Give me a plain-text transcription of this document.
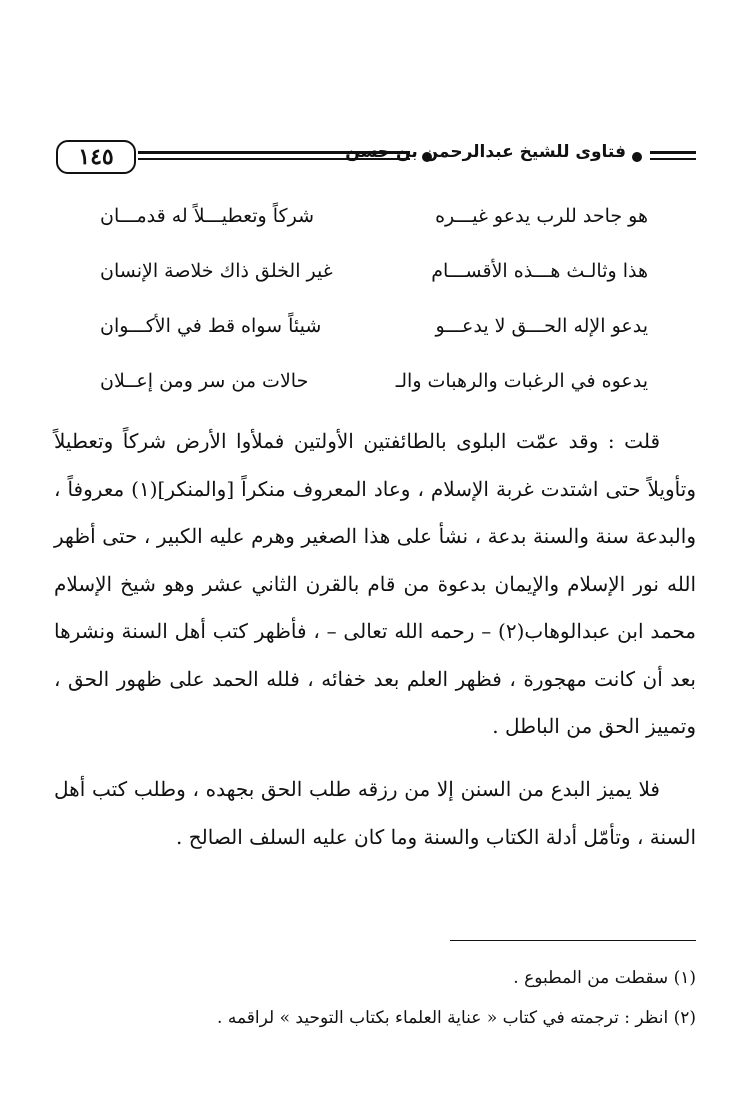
١٤٥	فتاوى للشيخ عبدالرحمن بن حسن
هو جاحد للرب يدعو غيـــره
شركاً وتعطيـــلاً له قدمـــان
هذا وثالـث هـــذه الأقســـام
غير الخلق ذاك خلاصة الإنسان
يدعو الإله الحـــق لا يدعـــو
شيئاً سواه قط في الأكـــوان
يدعوه في الرغبات والرهبات والـ
حالات من سر ومن إعــلان

قلت : وقد عمّت البلوى بالطائفتين الأولتين فملأوا الأرض شركاً وتعطيلاً وتأويلاً حتى اشتدت غربة الإسلام ، وعاد المعروف منكراً [والمنكر](١) معروفاً ، والبدعة سنة والسنة بدعة ، نشأ على هذا الصغير وهرم عليه الكبير ، حتى أظهر الله نور الإسلام والإيمان بدعوة من قام بالقرن الثاني عشر وهو شيخ الإسلام محمد ابن عبدالوهاب(٢) – رحمه الله تعالى – ، فأظهر كتب أهل السنة ونشرها بعد أن كانت مهجورة ، فظهر العلم بعد خفائه ، فلله الحمد على ظهور الحق ، وتمييز الحق من الباطل .

فلا يميز البدع من السنن إلا من رزقه طلب الحق بجهده ، وطلب كتب أهل السنة ، وتأمّل أدلة الكتاب والسنة وما كان عليه السلف الصالح .

(١) سقطت من المطبوع .
(٢) انظر : ترجمته في كتاب « عناية العلماء بكتاب التوحيد » لراقمه .
